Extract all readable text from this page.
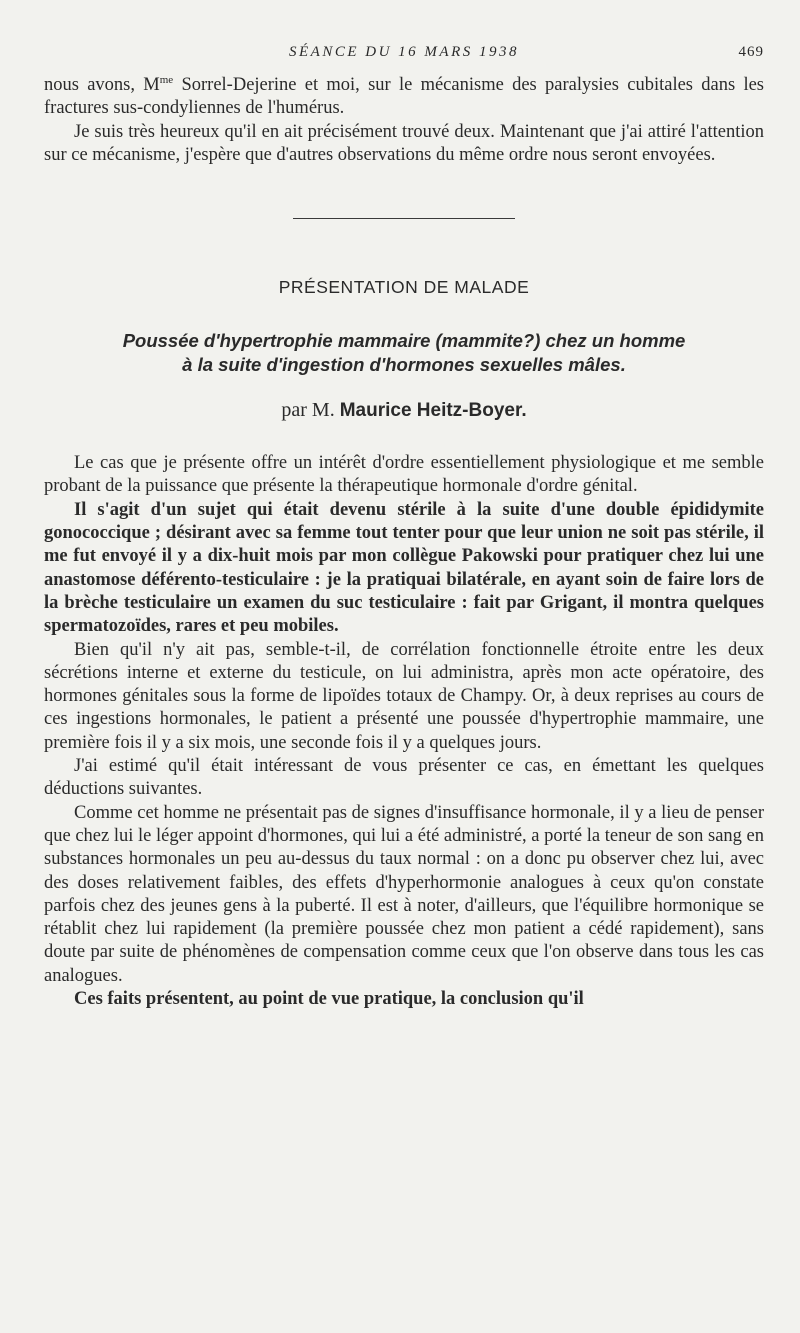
SÉANCE DU 16 MARS 1938	469

nous avons, $M^{me}$ Sorrel-Dejerine et moi, sur le mécanisme des paralysies cubitales dans les fractures sus-condyliennes de l'humérus.

Je suis très heureux qu'il en ait précisément trouvé deux. Maintenant que j'ai attiré l'attention sur ce mécanisme, j'espère que d'autres observations du même ordre nous seront envoyées.

PRÉSENTATION DE MALADE
Poussée d'hypertrophie mammaire (mammite?) chez un homme
à la suite d'ingestion d'hormones sexuelles mâles.
par M. Maurice Heitz-Boyer.

Le cas que je présente offre un intérêt d'ordre essentiellement physiologique et me semble probant de la puissance que présente la thérapeutique hormonale d'ordre génital.

Il s'agit d'un sujet qui était devenu stérile à la suite d'une double épididymite gonococcique ; désirant avec sa femme tout tenter pour que leur union ne soit pas stérile, il me fut envoyé il y a dix-huit mois par mon collègue Pakowski pour pratiquer chez lui une anastomose déférento-testiculaire : je la pratiquai bilatérale, en ayant soin de faire lors de la brèche testiculaire un examen du suc testiculaire : fait par Grigant, il montra quelques spermatozoïdes, rares et peu mobiles.

Bien qu'il n'y ait pas, semble-t-il, de corrélation fonctionnelle étroite entre les deux sécrétions interne et externe du testicule, on lui administra, après mon acte opératoire, des hormones génitales sous la forme de lipoïdes totaux de Champy. Or, à deux reprises au cours de ces ingestions hormonales, le patient a présenté une poussée d'hypertrophie mammaire, une première fois il y a six mois, une seconde fois il y a quelques jours.

J'ai estimé qu'il était intéressant de vous présenter ce cas, en émettant les quelques déductions suivantes.

Comme cet homme ne présentait pas de signes d'insuffisance hormonale, il y a lieu de penser que chez lui le léger appoint d'hormones, qui lui a été administré, a porté la teneur de son sang en substances hormonales un peu au-dessus du taux normal : on a donc pu observer chez lui, avec des doses relativement faibles, des effets d'hyperhormonie analogues à ceux qu'on constate parfois chez des jeunes gens à la puberté. Il est à noter, d'ailleurs, que l'équilibre hormonique se rétablit chez lui rapidement (la première poussée chez mon patient a cédé rapidement), sans doute par suite de phénomènes de compensation comme ceux que l'on observe dans tous les cas analogues.

Ces faits présentent, au point de vue pratique, la conclusion qu'il
